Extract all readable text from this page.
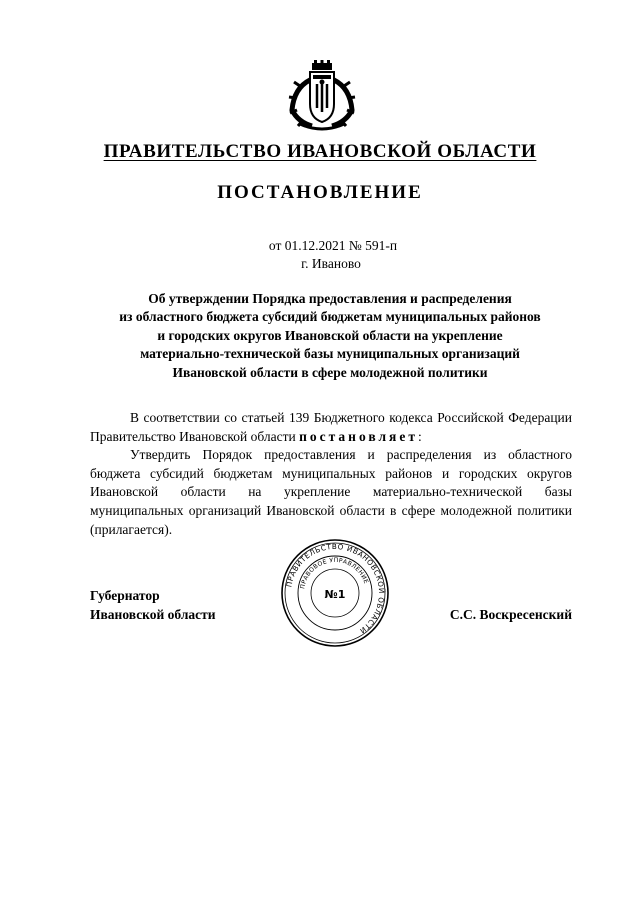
ПРАВИТЕЛЬСТВО ИВАНОВСКОЙ ОБЛАСТИ
ПОСТАНОВЛЕНИЕ
от 01.12.2021 № 591-п
г. Иваново
Об утверждении Порядка предоставления и распределения
из областного бюджета субсидий бюджетам муниципальных районов
и городских округов Ивановской области на укрепление
материально-технической базы муниципальных организаций
Ивановской области в сфере молодежной политики

В соответствии со статьей 139 Бюджетного кодекса Российской Федерации Правительство Ивановской области постановляет:

Утвердить Порядок предоставления и распределения из областного бюджета субсидий бюджетам муниципальных районов и городских округов Ивановской области на укрепление материально-технической базы муниципальных организаций Ивановской области в сфере молодежной политики (прилагается).

Губернатор
Ивановской области	С.С. Воскресенский
ПРАВИТЕЛЬСТВО ИВАНОВСКОЙ ОБЛАСТИ
ПРАВОВОЕ УПРАВЛЕНИЕ
№1
